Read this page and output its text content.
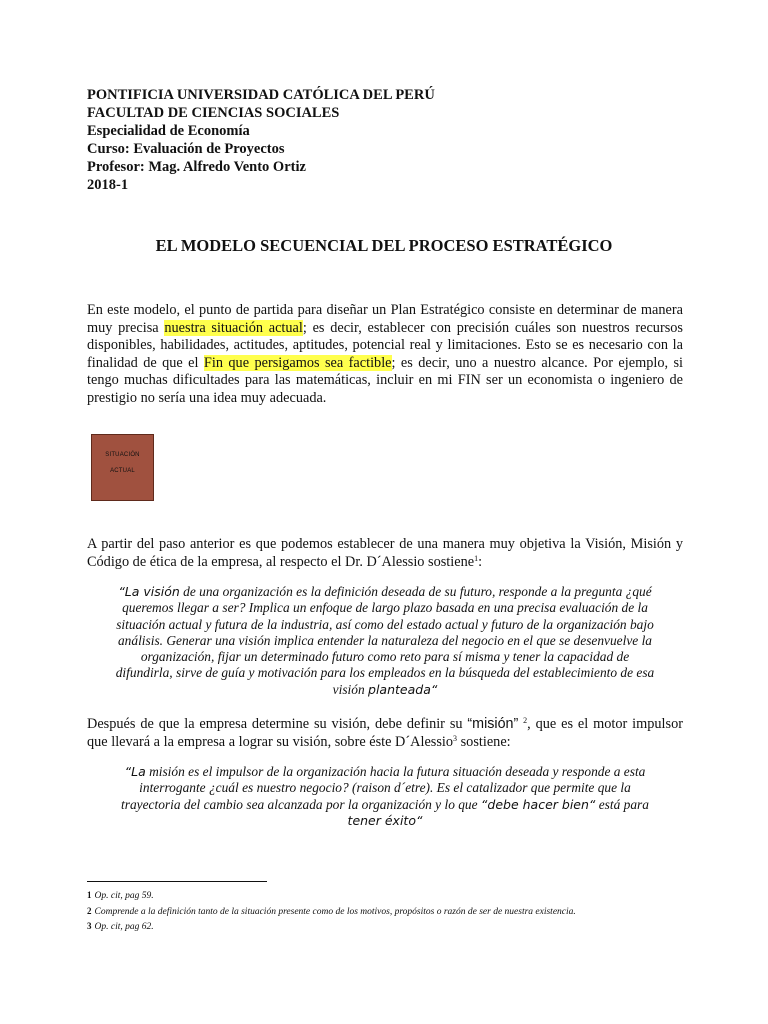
PONTIFICIA UNIVERSIDAD CATÓLICA DEL PERÚ
FACULTAD DE CIENCIAS SOCIALES
Especialidad de Economía
Curso: Evaluación de Proyectos
Profesor: Mag. Alfredo Vento Ortiz
2018-1
EL MODELO SECUENCIAL DEL PROCESO ESTRATÉGICO

En este modelo, el punto de partida para diseñar un Plan Estratégico consiste en determinar de manera muy precisa nuestra situación actual; es decir, establecer con precisión cuáles son nuestros recursos disponibles, habilidades, actitudes, aptitudes, potencial real y limitaciones. Esto se es necesario con la finalidad de que el Fin que persigamos sea factible; es decir, uno a nuestro alcance. Por ejemplo, si tengo muchas dificultades para las matemáticas, incluir en mi FIN ser un economista o ingeniero de prestigio no sería una idea muy adecuada.

SITUACIÓN
ACTUAL

A partir del paso anterior es que podemos establecer de una manera muy objetiva la Visión, Misión y Código de ética de la empresa, al respecto el Dr. D´Alessio sostiene$^1$:

“La visión de una organización es la definición deseada de su futuro, responde a la pregunta ¿qué queremos llegar a ser? Implica un enfoque de largo plazo basada en una precisa evaluación de la situación actual y futura de la industria, así como del estado actual y futuro de la organización bajo análisis. Generar una visión implica entender la naturaleza del negocio en el que se desenvuelve la organización, fijar un determinado futuro como reto para sí misma y tener la capacidad de difundirla, sirve de guía y motivación para los empleados en la búsqueda del establecimiento de esa visión planteada“

Después de que la empresa determine su visión, debe definir su “misión” $^2$, que es el motor impulsor que llevará a la empresa a lograr su visión, sobre éste D´Alessio$^3$ sostiene:

“La misión es el impulsor de la organización hacia la futura situación deseada y responde a esta interrogante ¿cuál es nuestro negocio? (raison d´etre). Es el catalizador que permite que la trayectoria del cambio sea alcanzada por la organización y lo que “debe hacer bien“ está para
tener éxito“

1 Op. cit, pag 59.
2 Comprende a la definición tanto de la situación presente como de los motivos, propósitos o razón de ser de nuestra existencia.
3 Op. cit, pag 62.
